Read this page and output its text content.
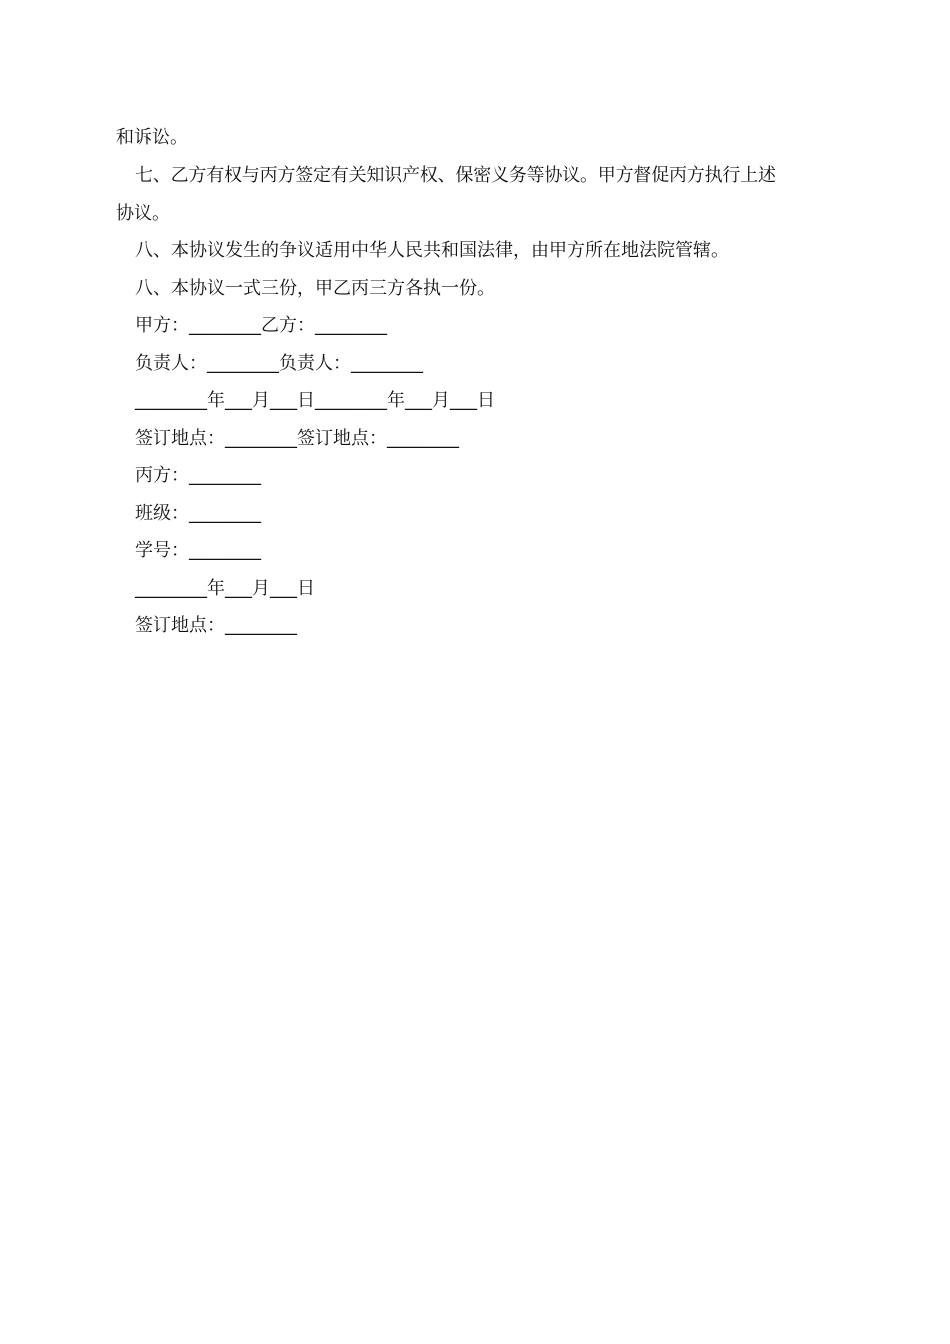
和诉讼。
七、乙方有权与丙方签定有关知识产权、保密义务等协议。甲方督促丙方执行上述
协议。
八、本协议发生的争议适用中华人民共和国法律，由甲方所在地法院管辖。
八、本协议一式三份，甲乙丙三方各执一份。
甲方：________乙方：________
负责人：________负责人：________
________年___月___日________年___月___日
签订地点：________签订地点：________
丙方：________
班级：________
学号：________
________年___月___日
签订地点：________
